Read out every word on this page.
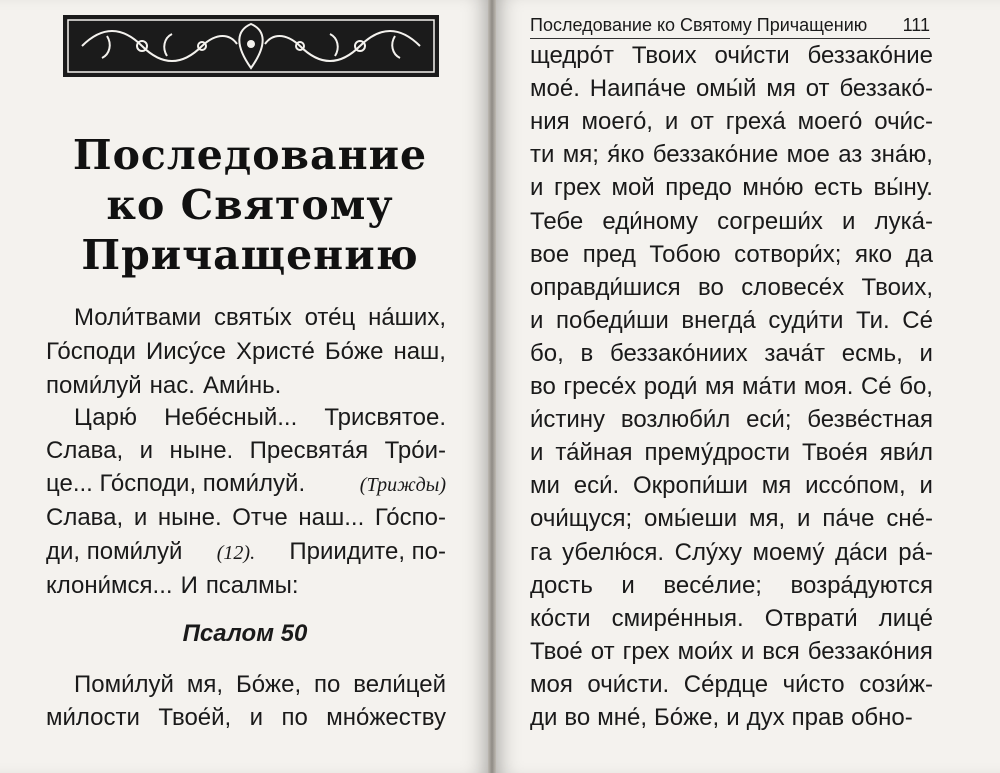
Последование
ко Святому
Причащению
Моли́твами святы́х оте́ц на́ших,
Го́споди Иису́се Христе́ Бо́же наш,
поми́луй нас. Ами́нь.
Царю́ Небе́сный... Трисвятое.
Слава, и ныне. Пресвята́я Тро́и-
це... Го́споди, поми́луй.	(Трижды)
Слава, и ныне. Отче наш... Го́спо-
ди, поми́луй (12). Приидите, по-
клони́мся... И псалмы:
Псалом 50
Поми́луй мя, Бо́же, по вели́цей
ми́лости Твое́й, и по мно́жеству
Последование ко Святому Причащению 111
щедро́т Твоих очи́сти беззако́ние
мое́. Наипа́че омы́й мя от беззако́-
ния моего́, и от греха́ моего́ очи́с-
ти мя; я́ко беззако́ние мое аз зна́ю,
и грех мой предо мно́ю есть вы́ну.
Тебе еди́ному согреши́х и лука́-
вое пред Тобою сотвори́х; яко да
оправди́шися во словесе́х Твоих,
и победи́ши внегда́ суди́ти Ти. Се́
бо, в беззако́ниих зача́т есмь, и
во гресе́х роди́ мя ма́ти моя. Се́ бо,
и́стину возлюби́л еси́; безве́стная
и та́йная прему́дрости Твое́я яви́л
ми еси́. Окропи́ши мя иссо́пом, и
очи́щуся; омы́еши мя, и па́че сне́-
га убелю́ся. Слу́ху моему́ да́си ра́-
дость и весе́лие; возра́дуются
ко́сти смире́нныя. Отврати́ лице́
Твое́ от грех мои́х и вся беззако́ния
моя очи́сти. Се́рдце чи́сто сози́ж-
ди во мне́, Бо́же, и дух прав обно-
